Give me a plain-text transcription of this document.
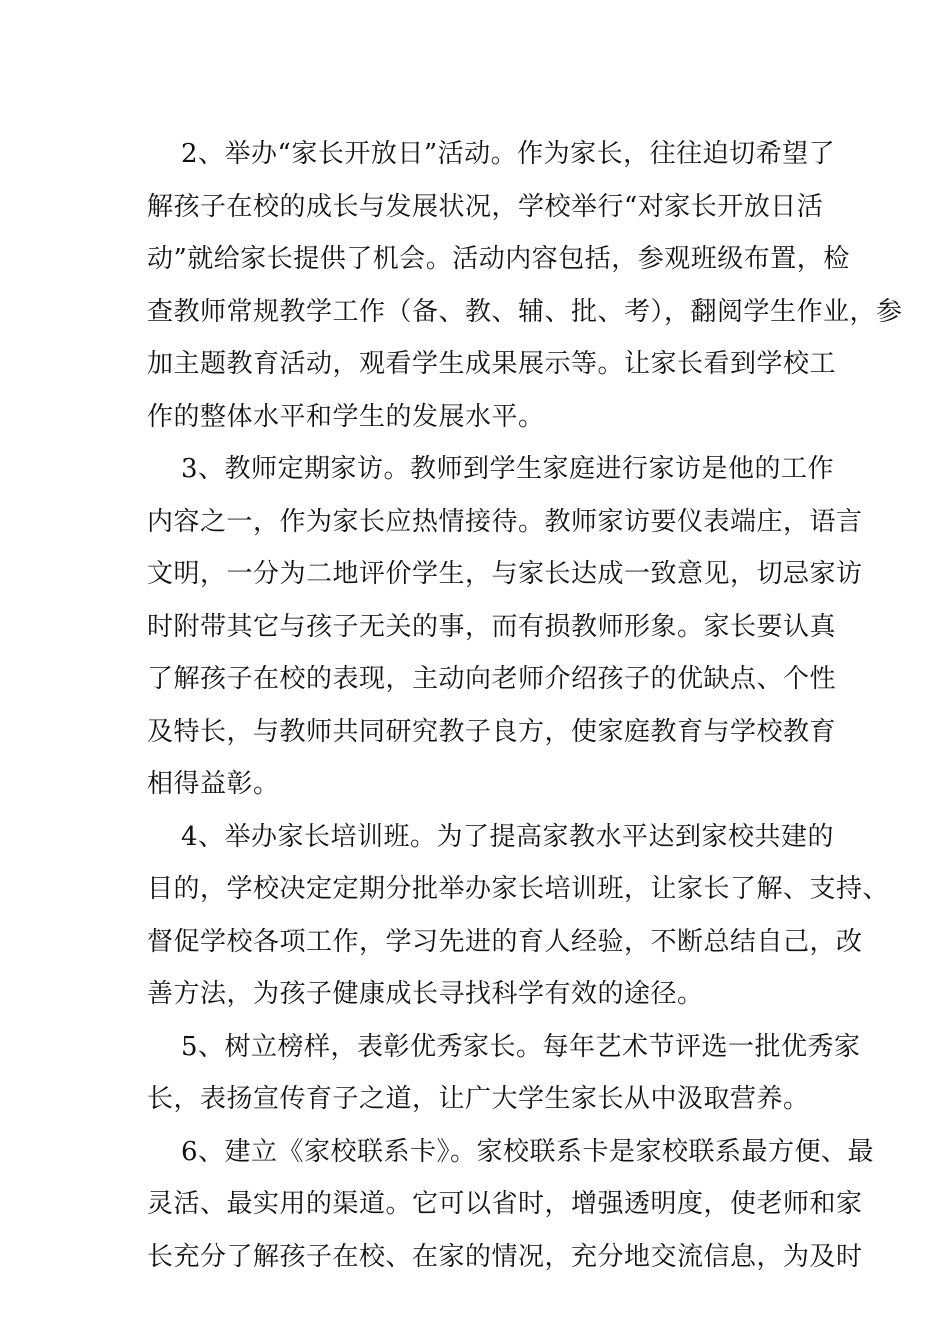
2、举办“家长开放日”活动。作为家长，往往迫切希望了
解孩子在校的成长与发展状况，学校举行“对家长开放日活
动”就给家长提供了机会。活动内容包括，参观班级布置，检
查教师常规教学工作（备、教、辅、批、考），翻阅学生作业，参
加主题教育活动，观看学生成果展示等。让家长看到学校工
作的整体水平和学生的发展水平。
3、教师定期家访。教师到学生家庭进行家访是他的工作
内容之一，作为家长应热情接待。教师家访要仪表端庄，语言
文明，一分为二地评价学生，与家长达成一致意见，切忌家访
时附带其它与孩子无关的事，而有损教师形象。家长要认真
了解孩子在校的表现，主动向老师介绍孩子的优缺点、个性
及特长，与教师共同研究教子良方，使家庭教育与学校教育
相得益彰。
4、举办家长培训班。为了提高家教水平达到家校共建的
目的，学校决定定期分批举办家长培训班，让家长了解、支持、
督促学校各项工作，学习先进的育人经验，不断总结自己，改
善方法，为孩子健康成长寻找科学有效的途径。
5、树立榜样，表彰优秀家长。每年艺术节评选一批优秀家
长，表扬宣传育子之道，让广大学生家长从中汲取营养。
6、建立《家校联系卡》。家校联系卡是家校联系最方便、最
灵活、最实用的渠道。它可以省时，增强透明度，使老师和家
长充分了解孩子在校、在家的情况，充分地交流信息，为及时
